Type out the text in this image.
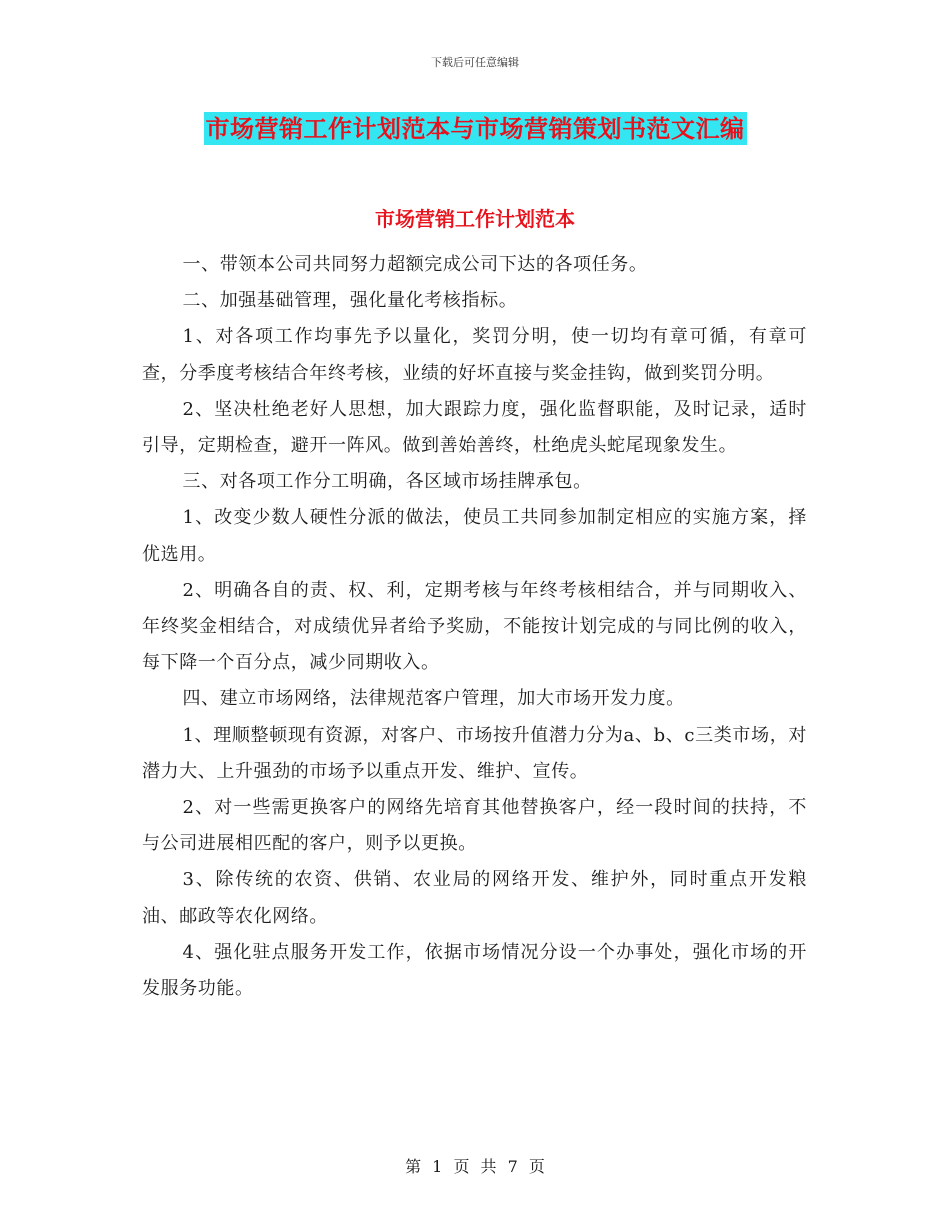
下载后可任意编辑
市场营销工作计划范本与市场营销策划书范文汇编
市场营销工作计划范本

一、带领本公司共同努力超额完成公司下达的各项任务。

二、加强基础管理，强化量化考核指标。

1、对各项工作均事先予以量化，奖罚分明，使一切均有章可循，有章可查，分季度考核结合年终考核，业绩的好坏直接与奖金挂钩，做到奖罚分明。

2、坚决杜绝老好人思想，加大跟踪力度，强化监督职能，及时记录，适时引导，定期检查，避开一阵风。做到善始善终，杜绝虎头蛇尾现象发生。

三、对各项工作分工明确，各区域市场挂牌承包。

1、改变少数人硬性分派的做法，使员工共同参加制定相应的实施方案，择优选用。

2、明确各自的责、权、利，定期考核与年终考核相结合，并与同期收入、年终奖金相结合，对成绩优异者给予奖励，不能按计划完成的与同比例的收入，每下降一个百分点，减少同期收入。

四、建立市场网络，法律规范客户管理，加大市场开发力度。

1、理顺整顿现有资源，对客户、市场按升值潜力分为a、b、c三类市场，对潜力大、上升强劲的市场予以重点开发、维护、宣传。

2、对一些需更换客户的网络先培育其他替换客户，经一段时间的扶持，不与公司进展相匹配的客户，则予以更换。

3、除传统的农资、供销、农业局的网络开发、维护外，同时重点开发粮油、邮政等农化网络。

4、强化驻点服务开发工作，依据市场情况分设一个办事处，强化市场的开发服务功能。

第 1 页 共 7 页
